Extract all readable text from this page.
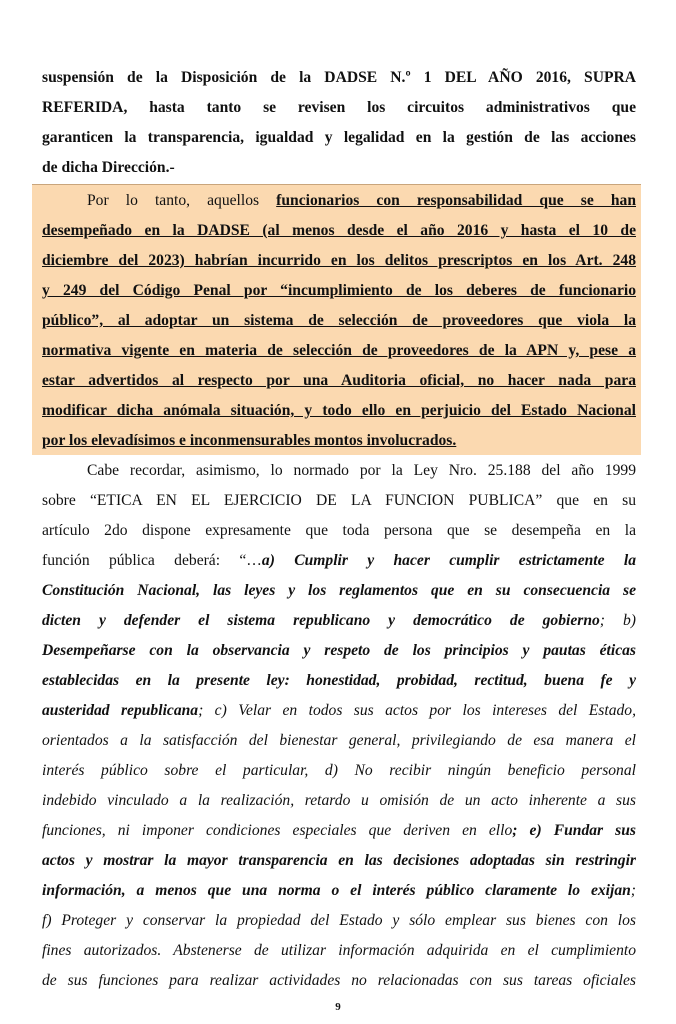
suspensión de la Disposición de la DADSE N.º 1 DEL AÑO 2016, SUPRA
REFERIDA, hasta tanto se revisen los circuitos administrativos que
garanticen la transparencia, igualdad y legalidad en la gestión de las acciones
de dicha Dirección.-
Por lo tanto, aquellos funcionarios con responsabilidad que se han
desempeñado en la DADSE (al menos desde el año 2016 y hasta el 10 de
diciembre del 2023) habrían incurrido en los delitos prescriptos en los Art. 248
y 249 del Código Penal por “incumplimiento de los deberes de funcionario
público”, al adoptar un sistema de selección de proveedores que viola la
normativa vigente en materia de selección de proveedores de la APN y, pese a
estar advertidos al respecto por una Auditoria oficial, no hacer nada para
modificar dicha anómala situación, y todo ello en perjuicio del Estado Nacional
por los elevadísimos e inconmensurables montos involucrados.
Cabe recordar, asimismo, lo normado por la Ley Nro. 25.188 del año 1999
sobre “ETICA EN EL EJERCICIO DE LA FUNCION PUBLICA” que en su
artículo 2do dispone expresamente que toda persona que se desempeña en la
función pública deberá: “…a) Cumplir y hacer cumplir estrictamente la
Constitución Nacional, las leyes y los reglamentos que en su consecuencia se
dicten y defender el sistema republicano y democrático de gobierno; b)
Desempeñarse con la observancia y respeto de los principios y pautas éticas
establecidas en la presente ley: honestidad, probidad, rectitud, buena fe y
austeridad republicana; c) Velar en todos sus actos por los intereses del Estado,
orientados a la satisfacción del bienestar general, privilegiando de esa manera el
interés público sobre el particular, d) No recibir ningún beneficio personal
indebido vinculado a la realización, retardo u omisión de un acto inherente a sus
funciones, ni imponer condiciones especiales que deriven en ello; e) Fundar sus
actos y mostrar la mayor transparencia en las decisiones adoptadas sin restringir
información, a menos que una norma o el interés público claramente lo exijan;
f) Proteger y conservar la propiedad del Estado y sólo emplear sus bienes con los
fines autorizados. Abstenerse de utilizar información adquirida en el cumplimiento
de sus funciones para realizar actividades no relacionadas con sus tareas oficiales
9
